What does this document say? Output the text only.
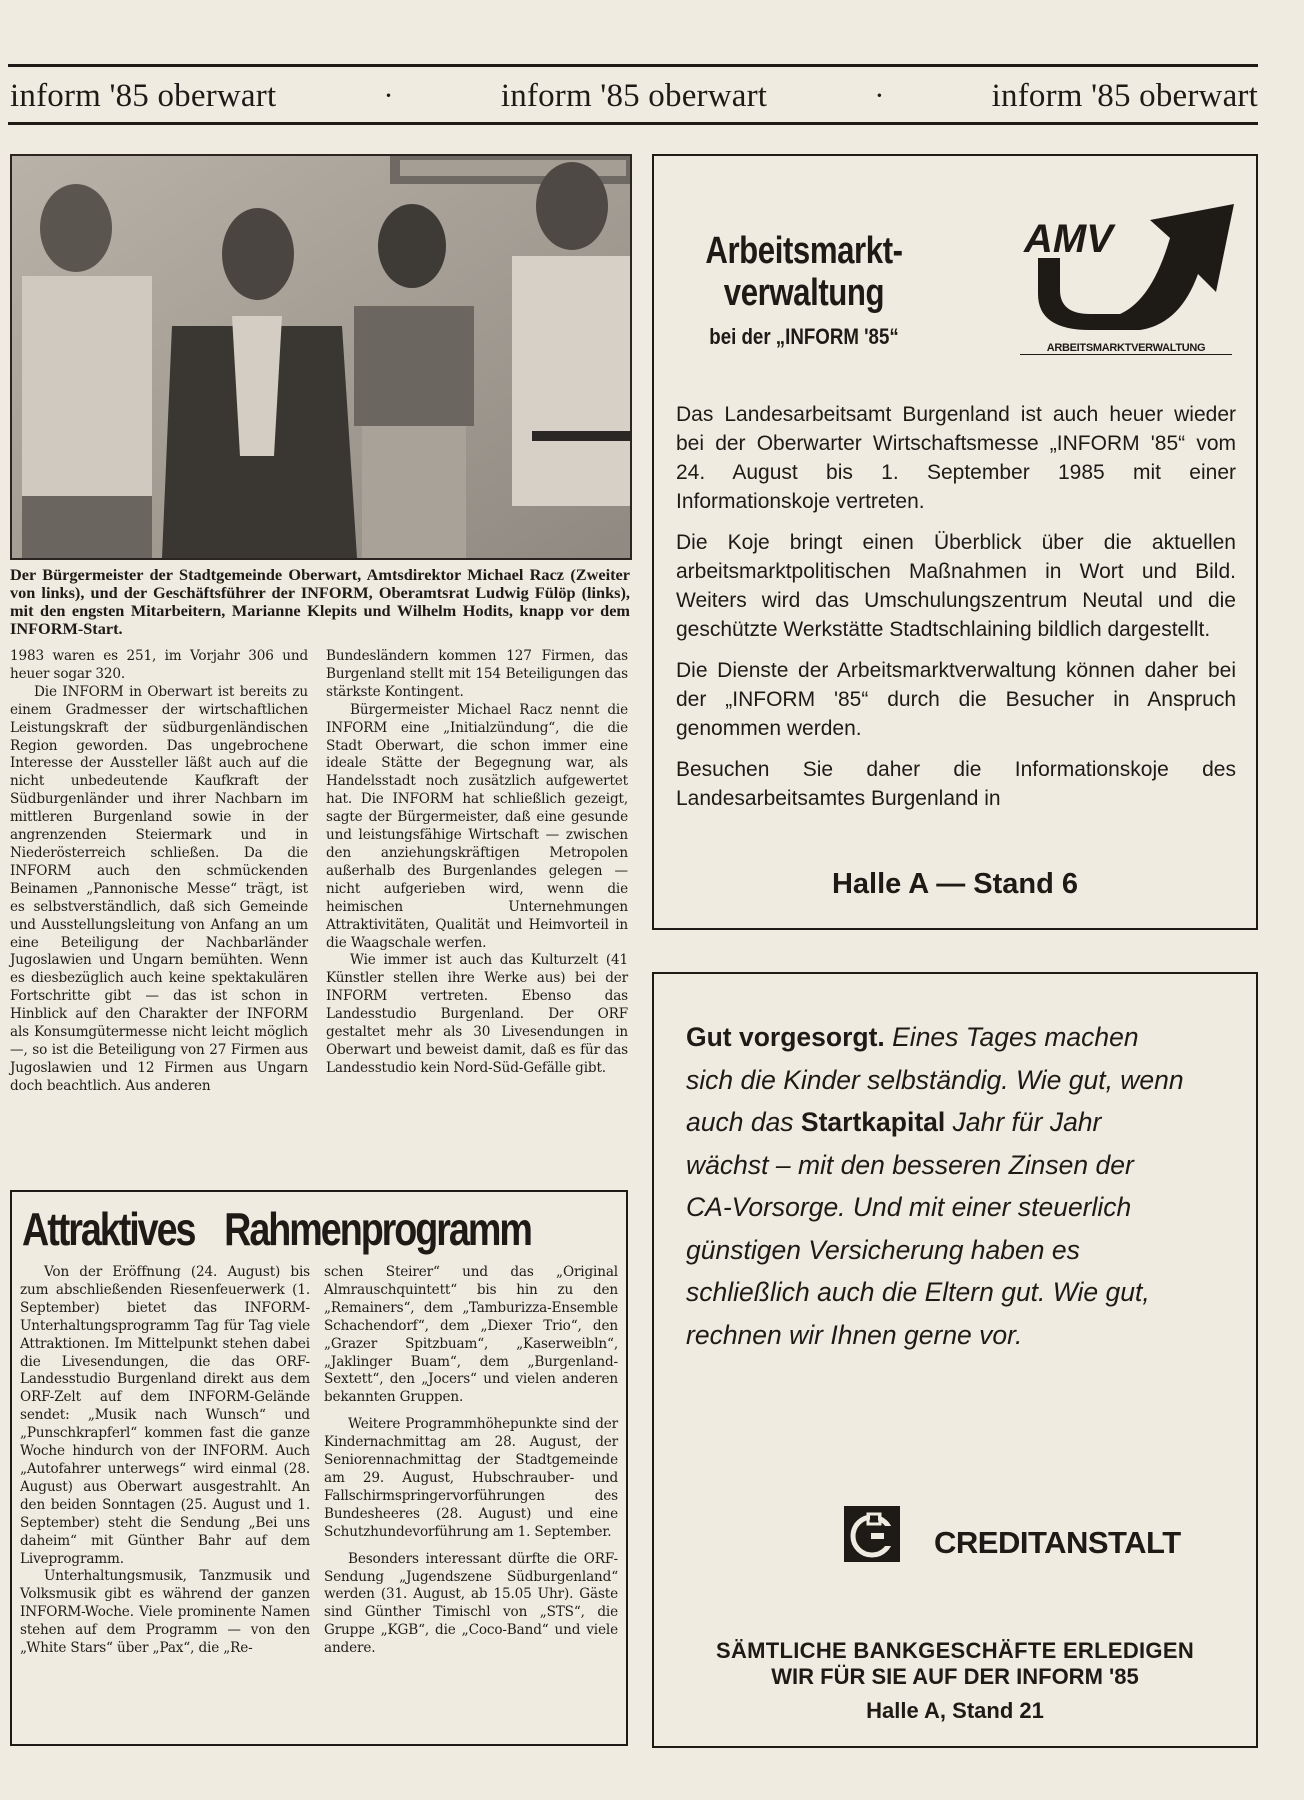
inform '85 oberwart	·	inform '85 oberwart	·	inform '85 oberwart
Der Bürgermeister der Stadtgemeinde Oberwart, Amtsdirektor Michael Racz (Zweiter von links), und der Geschäftsführer der INFORM, Oberamtsrat Ludwig Fülöp (links), mit den engsten Mitarbeitern, Marianne Klepits und Wilhelm Hodits, knapp vor dem INFORM-Start.

1983 waren es 251, im Vorjahr 306 und heuer sogar 320.

Die INFORM in Oberwart ist bereits zu einem Gradmesser der wirtschaftlichen Leistungskraft der südburgenländischen Region geworden. Das ungebrochene Interesse der Aussteller läßt auch auf die nicht unbedeutende Kaufkraft der Südburgenländer und ihrer Nachbarn im mittleren Burgenland sowie in der angrenzenden Steiermark und in Niederösterreich schließen. Da die INFORM auch den schmückenden Beinamen „Pannonische Messe“ trägt, ist es selbstverständlich, daß sich Gemeinde und Ausstellungsleitung von Anfang an um eine Beteiligung der Nachbarländer Jugoslawien und Ungarn bemühten. Wenn es diesbezüglich auch keine spektakulären Fortschritte gibt — das ist schon in Hinblick auf den Charakter der INFORM als Konsumgütermesse nicht leicht möglich —, so ist die Beteiligung von 27 Firmen aus Jugoslawien und 12 Firmen aus Ungarn doch beachtlich. Aus anderen

Bundesländern kommen 127 Firmen, das Burgenland stellt mit 154 Beteiligungen das stärkste Kontingent.

Bürgermeister Michael Racz nennt die INFORM eine „Initialzündung“, die die Stadt Oberwart, die schon immer eine ideale Stätte der Begegnung war, als Handelsstadt noch zusätzlich aufgewertet hat. Die INFORM hat schließlich gezeigt, sagte der Bürgermeister, daß eine gesunde und leistungsfähige Wirtschaft — zwischen den anziehungskräftigen Metropolen außerhalb des Burgenlandes gelegen — nicht aufgerieben wird, wenn die heimischen Unternehmungen Attraktivitäten, Qualität und Heimvorteil in die Waagschale werfen.

Wie immer ist auch das Kulturzelt (41 Künstler stellen ihre Werke aus) bei der INFORM vertreten. Ebenso das Landesstudio Burgenland. Der ORF gestaltet mehr als 30 Livesendungen in Oberwart und beweist damit, daß es für das Landesstudio kein Nord-Süd-Gefälle gibt.

Attraktives Rahmenprogramm

Von der Eröffnung (24. August) bis zum abschließenden Riesenfeuerwerk (1. September) bietet das INFORM-Unterhaltungsprogramm Tag für Tag viele Attraktionen. Im Mittelpunkt stehen dabei die Livesendungen, die das ORF-Landesstudio Burgenland direkt aus dem ORF-Zelt auf dem INFORM-Gelände sendet: „Musik nach Wunsch“ und „Punschkrapferl“ kommen fast die ganze Woche hindurch von der INFORM. Auch „Autofahrer unterwegs“ wird einmal (28. August) aus Oberwart ausgestrahlt. An den beiden Sonntagen (25. August und 1. September) steht die Sendung „Bei uns daheim“ mit Günther Bahr auf dem Liveprogramm.

Unterhaltungsmusik, Tanzmusik und Volksmusik gibt es während der ganzen INFORM-Woche. Viele prominente Namen stehen auf dem Programm — von den „White Stars“ über „Pax“, die „Re-

schen Steirer“ und das „Original Almrauschquintett“ bis hin zu den „Remainers“, dem „Tamburizza-Ensemble Schachendorf“, dem „Diexer Trio“, den „Grazer Spitzbuam“, „Kaserweibln“, „Jaklinger Buam“, dem „Burgenland-Sextett“, den „Jocers“ und vielen anderen bekannten Gruppen.

Weitere Programmhöhepunkte sind der Kindernachmittag am 28. August, der Seniorennachmittag der Stadtgemeinde am 29. August, Hubschrauber- und Fallschirmspringervorführungen des Bundesheeres (28. August) und eine Schutzhundevorführung am 1. September.

Besonders interessant dürfte die ORF-Sendung „Jugendszene Südburgenland“ werden (31. August, ab 15.05 Uhr). Gäste sind Günther Timischl von „STS“, die Gruppe „KGB“, die „Coco-Band“ und viele andere.

Arbeitsmarkt-
verwaltung
bei der „INFORM '85“
AMV
ARBEITSMARKTVERWALTUNG

Das Landesarbeitsamt Burgenland ist auch heuer wieder bei der Oberwarter Wirtschaftsmesse „INFORM '85“ vom 24. August bis 1. September 1985 mit einer Informationskoje vertreten.

Die Koje bringt einen Überblick über die aktuellen arbeitsmarktpolitischen Maßnahmen in Wort und Bild. Weiters wird das Umschulungszentrum Neutal und die geschützte Werkstätte Stadtschlaining bildlich dargestellt.

Die Dienste der Arbeitsmarktverwaltung können daher bei der „INFORM '85“ durch die Besucher in Anspruch genommen werden.

Besuchen Sie daher die Informationskoje des Landesarbeitsamtes Burgenland in

Halle A — Stand 6
Gut vorgesorgt. Eines Tages machen sich die Kinder selbständig. Wie gut, wenn auch das Startkapital Jahr für Jahr wächst – mit den besseren Zinsen der CA-Vorsorge. Und mit einer steuerlich günstigen Versicherung haben es schließlich auch die Eltern gut. Wie gut, rechnen wir Ihnen gerne vor.
CREDITANSTALT
SÄMTLICHE BANKGESCHÄFTE ERLEDIGEN
WIR FÜR SIE AUF DER INFORM '85
Halle A, Stand 21
